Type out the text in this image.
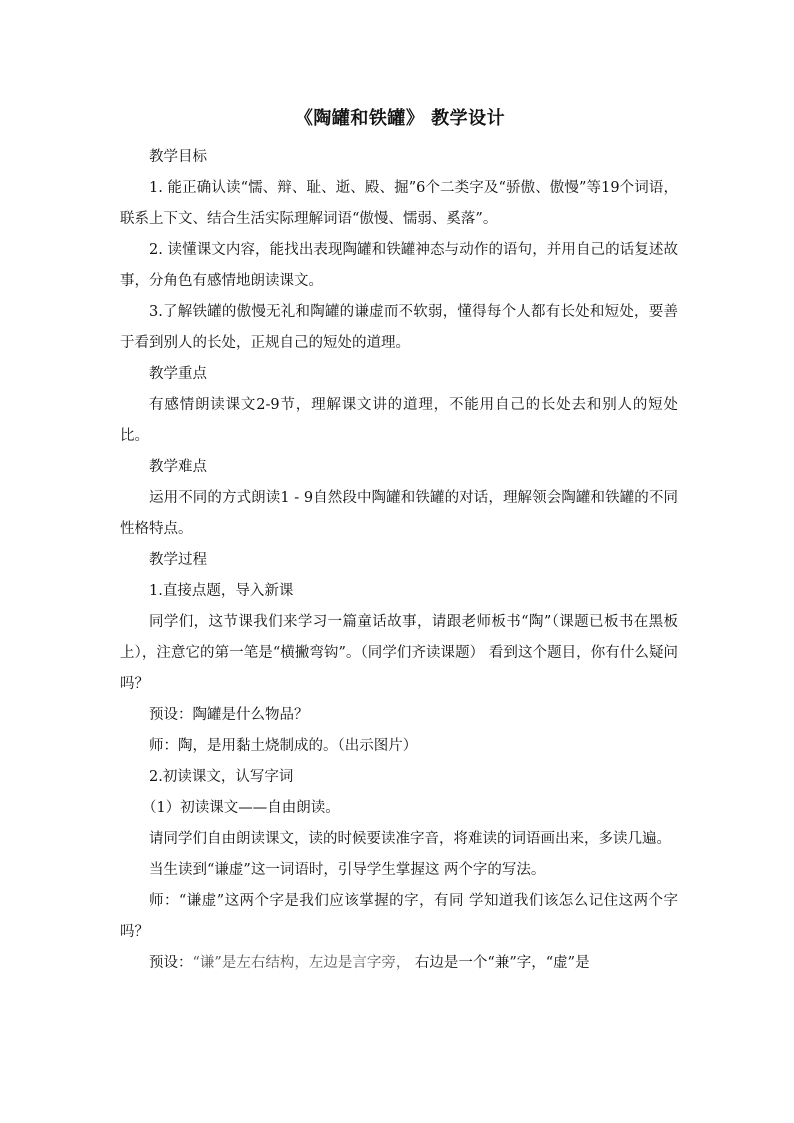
《陶罐和铁罐》 教学设计

教学目标

1. 能正确认读“懦、辩、耻、逝、殿、掘”6个二类字及“骄傲、傲慢”等19个词语，联系上下文、结合生活实际理解词语“傲慢、懦弱、奚落”。

2. 读懂课文内容，能找出表现陶罐和铁罐神态与动作的语句，并用自己的话复述故事，分角色有感情地朗读课文。

3.了解铁罐的傲慢无礼和陶罐的谦虚而不软弱，懂得每个人都有长处和短处，要善于看到别人的长处，正规自己的短处的道理。

教学重点

有感情朗读课文2-9节，理解课文讲的道理，不能用自己的长处去和别人的短处比。

教学难点

运用不同的方式朗读1 - 9自然段中陶罐和铁罐的对话，理解领会陶罐和铁罐的不同性格特点。

教学过程

1.直接点题，导入新课

同学们，这节课我们来学习一篇童话故事，请跟老师板书“陶”（课题已板书在黑板上），注意它的第一笔是“横撇弯钩”。（同学们齐读课题） 看到这个题目，你有什么疑问吗？

预设：陶罐是什么物品？

师：陶，是用黏土烧制成的。（出示图片）

2.初读课文，认写字词

（1）初读课文——自由朗读。

请同学们自由朗读课文，读的时候要读准字音，将难读的词语画出来，多读几遍。

当生读到“谦虚”这一词语时，引导学生掌握这 两个字的写法。

师：“谦虚”这两个字是我们应该掌握的字，有同 学知道我们该怎么记住这两个字吗？

预设：“谦”是左右结构，左边是言字旁， 右边是一个“兼”字，“虚”是
